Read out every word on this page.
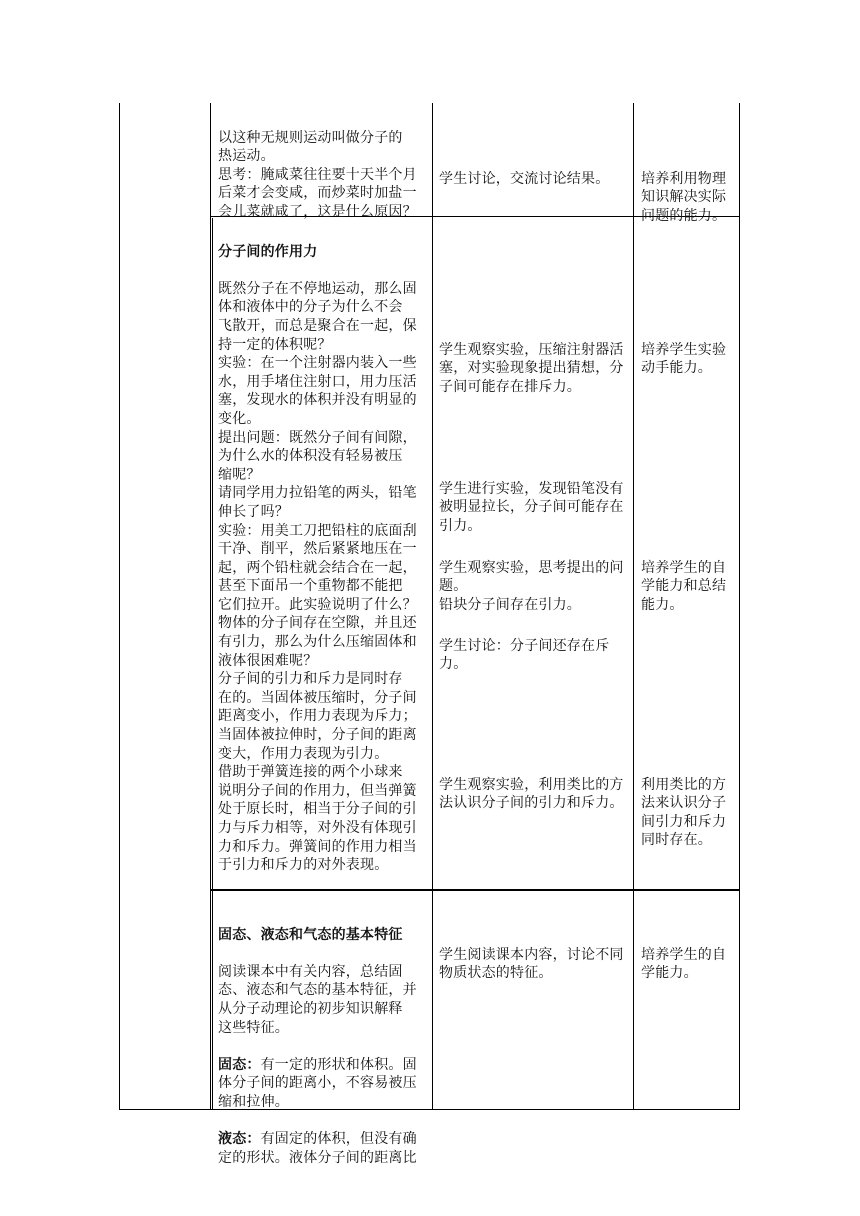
以这种无规则运动叫做分子的
热运动。
思考：腌咸菜往往要十天半个月
后菜才会变咸，而炒菜时加盐一
会儿菜就咸了，这是什么原因？

学生讨论，交流讨论结果。	培养利用物理
知识解决实际
问题的能力。

分子间的作用力

既然分子在不停地运动，那么固
体和液体中的分子为什么不会
飞散开，而总是聚合在一起，保
持一定的体积呢？
实验：在一个注射器内装入一些
水，用手堵住注射口，用力压活
塞，发现水的体积并没有明显的
变化。
提出问题：既然分子间有间隙，
为什么水的体积没有轻易被压
缩呢？
请同学用力拉铅笔的两头，铅笔
伸长了吗？
实验：用美工刀把铅柱的底面刮
干净、削平，然后紧紧地压在一
起，两个铅柱就会结合在一起，
甚至下面吊一个重物都不能把
它们拉开。此实验说明了什么？
物体的分子间存在空隙，并且还
有引力，那么为什么压缩固体和
液体很困难呢？
分子间的引力和斥力是同时存
在的。当固体被压缩时，分子间
距离变小，作用力表现为斥力；
当固体被拉伸时，分子间的距离
变大，作用力表现为引力。
借助于弹簧连接的两个小球来
说明分子间的作用力，但当弹簧
处于原长时，相当于分子间的引
力与斥力相等，对外没有体现引
力和斥力。弹簧间的作用力相当
于引力和斥力的对外表现。

学生观察实验，压缩注射器活
塞，对实验现象提出猜想，分
子间可能存在排斥力。

学生进行实验，发现铅笔没有
被明显拉长，分子间可能存在
引力。

学生观察实验，思考提出的问
题。
铅块分子间存在引力。

学生讨论：分子间还存在斥
力。

学生观察实验，利用类比的方
法认识分子间的引力和斥力。

培养学生实验
动手能力。

培养学生的自
学能力和总结
能力。

利用类比的方
法来认识分子
间引力和斥力
同时存在。

固态、液态和气态的基本特征

阅读课本中有关内容，总结固
态、液态和气态的基本特征，并
从分子动理论的初步知识解释
这些特征。

固态：有一定的形状和体积。固
体分子间的距离小，不容易被压
缩和拉伸。

液态：有固定的体积，但没有确
定的形状。液体分子间的距离比

学生阅读课本内容，讨论不同
物质状态的特征。

培养学生的自
学能力。
